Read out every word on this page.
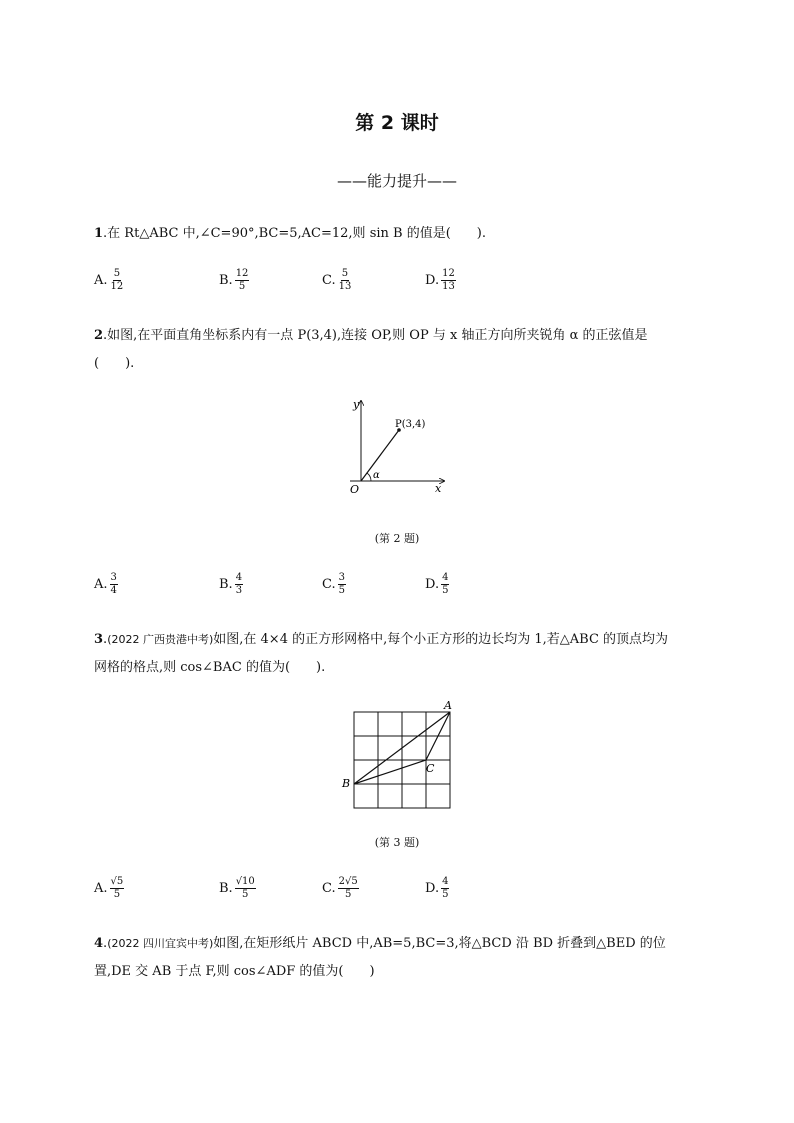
第 2 课时
——能力提升——
1.在 Rt△ABC 中,∠C=90°,BC=5,AC=12,则 sin B 的值是(　　).
A. $\frac{5}{12}$	B. $\frac{12}{5}$	C. $\frac{5}{13}$	D. $\frac{12}{13}$
2.如图,在平面直角坐标系内有一点 P(3,4),连接 OP,则 OP 与 x 轴正方向所夹锐角 α 的正弦值是
(　　).
y
x
O
α
P(3,4)
(第 2 题)
A. $\frac{3}{4}$	B. $\frac{4}{3}$	C. $\frac{3}{5}$	D. $\frac{4}{5}$
3.(2022 广西贵港中考)如图,在 4×4 的正方形网格中,每个小正方形的边长均为 1,若△ABC 的顶点均为
网格的格点,则 cos∠BAC 的值为(　　).
A
B
C
(第 3 题)
A. $\frac{√5}{5}$	B. $\frac{√10}{5}$	C. $\frac{2√5}{5}$	D. $\frac{4}{5}$
4.(2022 四川宜宾中考)如图,在矩形纸片 ABCD 中,AB=5,BC=3,将△BCD 沿 BD 折叠到△BED 的位
置,DE 交 AB 于点 F,则 cos∠ADF 的值为(　　)
